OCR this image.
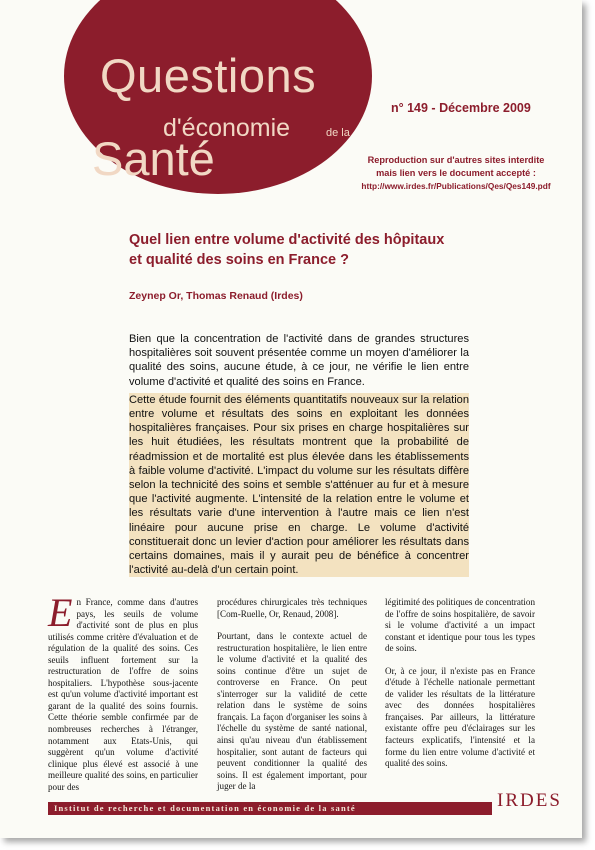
Questions
d'économie	de la
Santé
n° 149 - Décembre 2009
Reproduction sur d'autres sites interdite
mais lien vers le document accepté :
http://www.irdes.fr/Publications/Qes/Qes149.pdf
Quel lien entre volume d'activité des hôpitaux
et qualité des soins en France ?
Zeynep Or, Thomas Renaud (Irdes)

Bien que la concentration de l'activité dans de grandes structures hospitalières soit souvent présentée comme un moyen d'améliorer la qualité des soins, aucune étude, à ce jour, ne vérifie le lien entre volume d'activité et qualité des soins en France.

Cette étude fournit des éléments quantitatifs nouveaux sur la relation entre volume et résultats des soins en exploitant les données hospitalières françaises. Pour six prises en charge hospitalières sur les huit étudiées, les résultats montrent que la probabilité de réadmission et de mortalité est plus élevée dans les établissements à faible volume d'activité. L'impact du volume sur les résultats diffère selon la technicité des soins et semble s'atténuer au fur et à mesure que l'activité augmente. L'intensité de la relation entre le volume et les résultats varie d'une intervention à l'autre mais ce lien n'est linéaire pour aucune prise en charge. Le volume d'activité constituerait donc un levier d'action pour améliorer les résultats dans certains domaines, mais il y aurait peu de bénéfice à concentrer l'activité au-delà d'un certain point.

E n France, comme dans d'autres pays, les seuils de volume d'activité sont de plus en plus utilisés comme critère d'évaluation et de régulation de la qualité des soins. Ces seuils influent fortement sur la restructuration de l'offre de soins hospitaliers. L'hypothèse sous-jacente est qu'un volume d'activité important est garant de la qualité des soins fournis. Cette théorie semble confirmée par de nombreuses recherches à l'étranger, notamment aux Etats-Unis, qui suggèrent qu'un volume d'activité clinique plus élevé est associé à une meilleure qualité des soins, en particulier pour des

procédures chirurgicales très techniques [Com-Ruelle, Or, Renaud, 2008].

Pourtant, dans le contexte actuel de restructuration hospitalière, le lien entre le volume d'activité et la qualité des soins continue d'être un sujet de controverse en France. On peut s'interroger sur la validité de cette relation dans le système de soins français. La façon d'organiser les soins à l'échelle du système de santé national, ainsi qu'au niveau d'un établissement hospitalier, sont autant de facteurs qui peuvent conditionner la qualité des soins. Il est également important, pour juger de la

légitimité des politiques de concentration de l'offre de soins hospitalière, de savoir si le volume d'activité a un impact constant et identique pour tous les types de soins.

Or, à ce jour, il n'existe pas en France d'étude à l'échelle nationale permettant de valider les résultats de la littérature avec des données hospitalières françaises. Par ailleurs, la littérature existante offre peu d'éclairages sur les facteurs explicatifs, l'intensité et la forme du lien entre volume d'activité et qualité des soins.

Institut de recherche et documentation en économie de la santé	IRDES
